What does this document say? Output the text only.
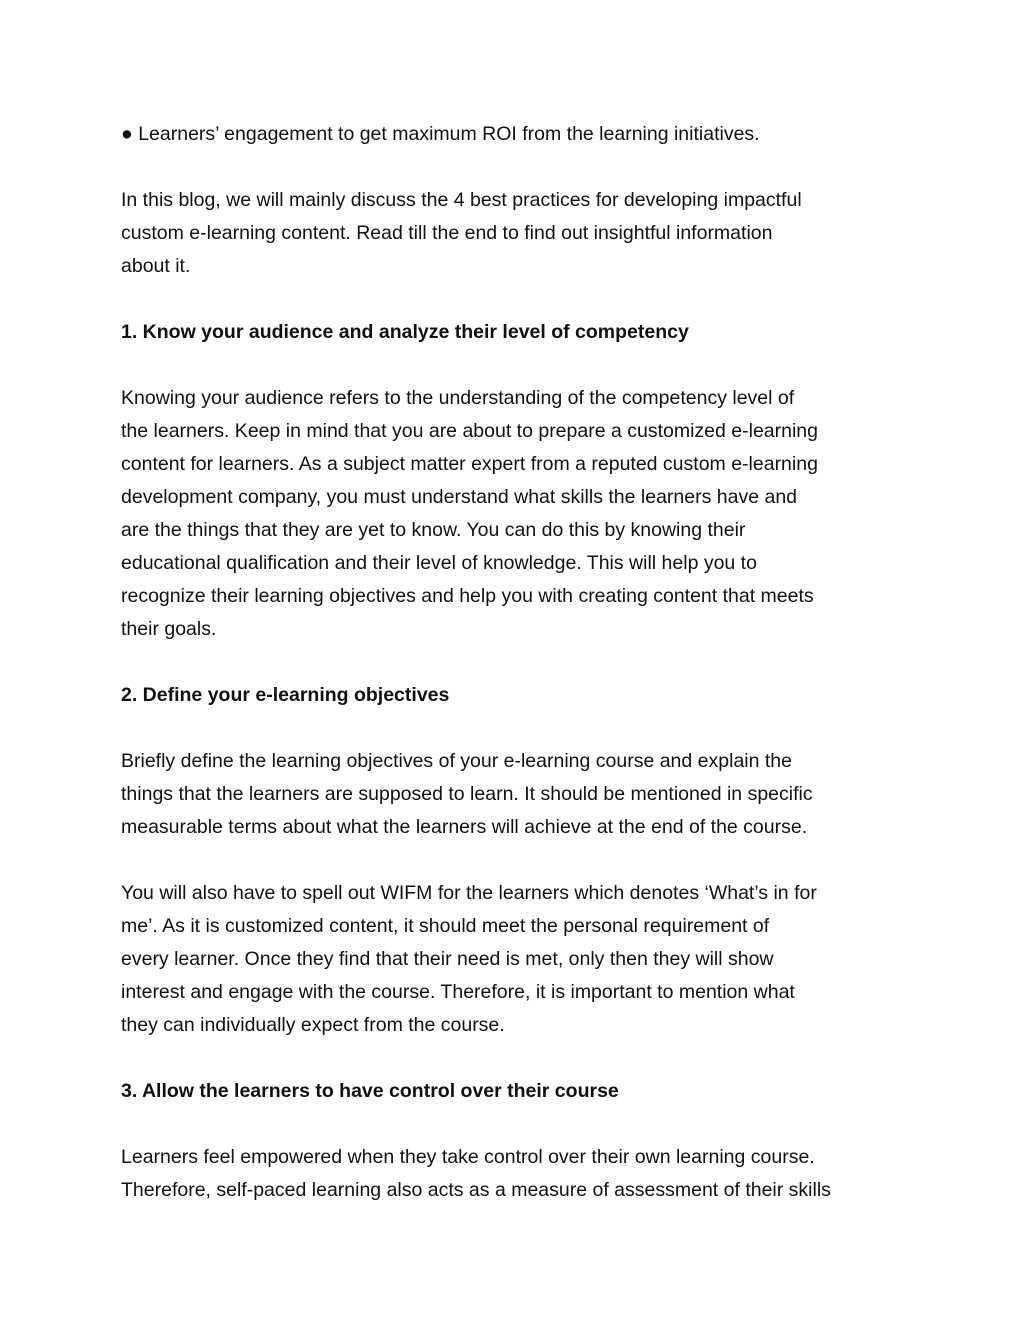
● Learners’ engagement to get maximum ROI from the learning initiatives.

In this blog, we will mainly discuss the 4 best practices for developing impactful
custom e-learning content. Read till the end to find out insightful information
about it.

1. Know your audience and analyze their level of competency

Knowing your audience refers to the understanding of the competency level of
the learners. Keep in mind that you are about to prepare a customized e-learning
content for learners. As a subject matter expert from a reputed custom e-learning
development company, you must understand what skills the learners have and
are the things that they are yet to know. You can do this by knowing their
educational qualification and their level of knowledge. This will help you to
recognize their learning objectives and help you with creating content that meets
their goals.

2. Define your e-learning objectives

Briefly define the learning objectives of your e-learning course and explain the
things that the learners are supposed to learn. It should be mentioned in specific
measurable terms about what the learners will achieve at the end of the course.

You will also have to spell out WIFM for the learners which denotes ‘What’s in for
me’. As it is customized content, it should meet the personal requirement of
every learner. Once they find that their need is met, only then they will show
interest and engage with the course. Therefore, it is important to mention what
they can individually expect from the course.

3. Allow the learners to have control over their course

Learners feel empowered when they take control over their own learning course.
Therefore, self-paced learning also acts as a measure of assessment of their skills
